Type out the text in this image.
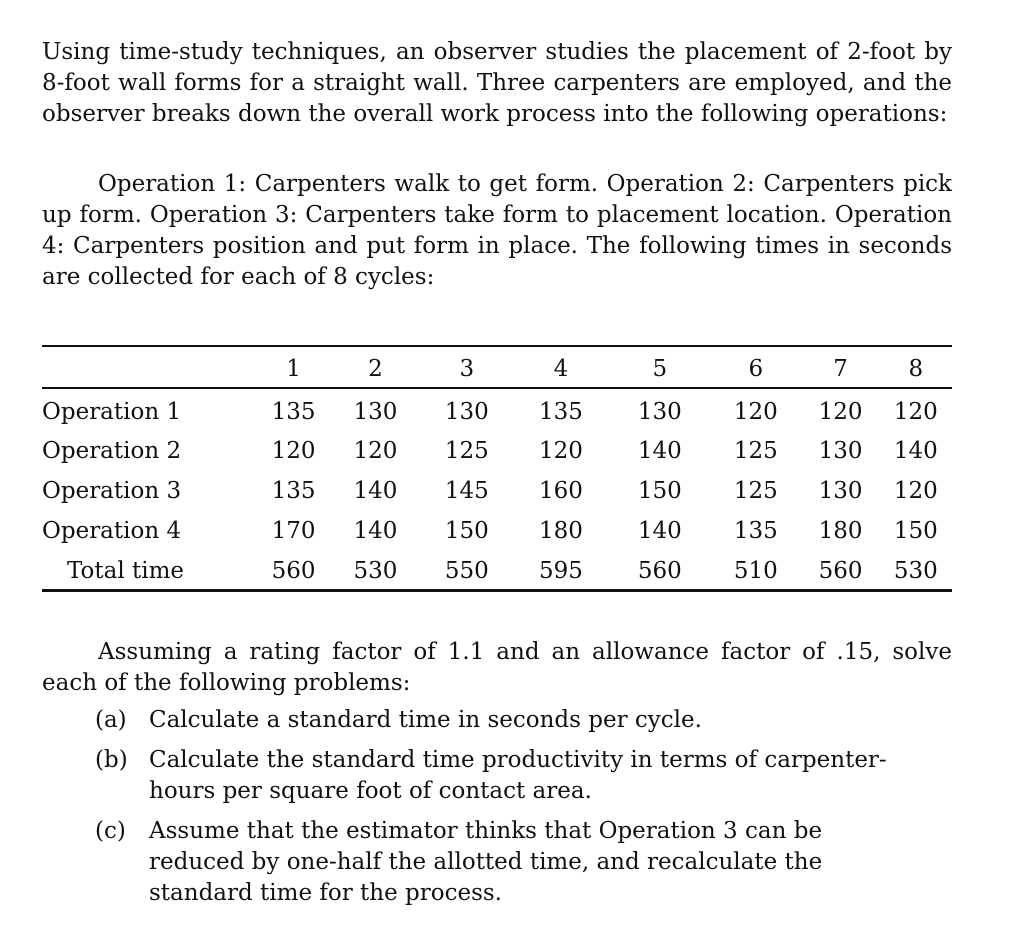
Using time-study techniques, an observer studies the placement of 2-foot by 8-foot wall forms for a straight wall. Three carpenters are employed, and the observer breaks down the overall work process into the following operations:

Operation 1: Carpenters walk to get form. Operation 2: Carpenters pick up form. Operation 3: Carpenters take form to placement location. Operation 4: Carpenters position and put form in place. The following times in seconds are collected for each of 8 cycles:

	1	2	3	4	5	6	7	8
Operation 1	135	130	130	135	130	120	120	120
Operation 2	120	120	125	120	140	125	130	140
Operation 3	135	140	145	160	150	125	130	120
Operation 4	170	140	150	180	140	135	180	150
Total time	560	530	550	595	560	510	560	530

Assuming a rating factor of 1.1 and an allowance factor of .15, solve each of the following problems:

(a) Calculate a standard time in seconds per cycle.
(b) Calculate the standard time productivity in terms of carpenter-hours per square foot of contact area.
(c) Assume that the estimator thinks that Operation 3 can be reduced by one-half the allotted time, and recalculate the standard time for the process.
